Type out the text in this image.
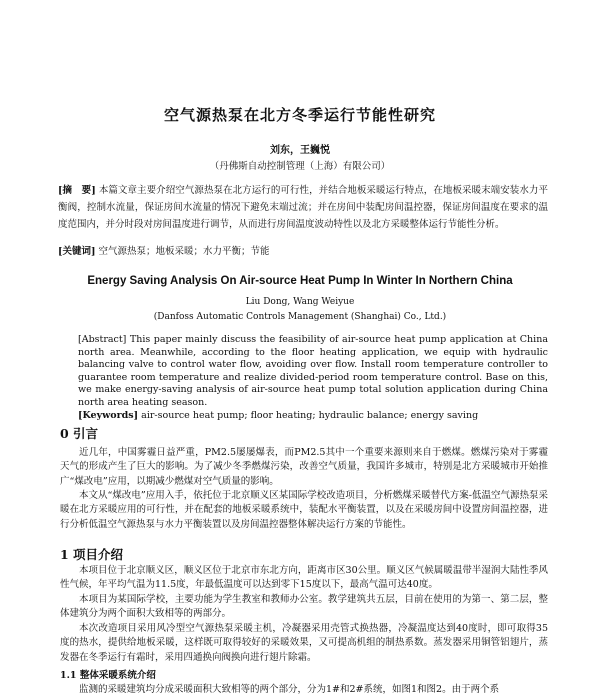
空气源热泵在北方冬季运行节能性研究
刘东，王巍悦
（丹佛斯自动控制管理（上海）有限公司）
[摘　要] 本篇文章主要介绍空气源热泵在北方运行的可行性，并结合地板采暖运行特点，在地板采暖末端安装水力平衡阀，控制水流量，保证房间水流量的情况下避免末端过流；并在房间中装配房间温控器，保证房间温度在要求的温度范围内，并分时段对房间温度进行调节，从而进行房间温度波动特性以及北方采暖整体运行节能性分析。
[关键词] 空气源热泵；地板采暖；水力平衡；节能
Energy Saving Analysis On Air-source Heat Pump In Winter In Northern China
Liu Dong, Wang Weiyue
(Danfoss Automatic Controls Management (Shanghai) Co., Ltd.)

[Abstract] This paper mainly discuss the feasibility of air-source heat pump application at China north area. Meanwhile, according to the floor heating application, we equip with hydraulic balancing valve to control water flow, avoiding over flow. Install room temperature controller to guarantee room temperature and realize divided-period room temperature control. Base on this, we make energy-saving analysis of air-source heat pump total solution application during China north area heating season.

[Keywords] air-source heat pump; floor heating; hydraulic balance; energy saving

0 引言
近几年，中国雾霾日益严重，PM2.5屡屡爆表，而PM2.5其中一个重要来源则来自于燃煤。燃煤污染对于雾霾天气的形成产生了巨大的影响。为了减少冬季燃煤污染，改善空气质量，我国许多城市，特别是北方采暖城市开始推广“煤改电”应用，以期减少燃煤对空气质量的影响。
本文从“煤改电”应用入手，依托位于北京顺义区某国际学校改造项目，分析燃煤采暖替代方案-低温空气源热泵采暖在北方采暖应用的可行性，并在配套的地板采暖系统中，装配水平衡装置，以及在采暖房间中设置房间温控器，进行分析低温空气源热泵与水力平衡装置以及房间温控器整体解决运行方案的节能性。
1 项目介绍
本项目位于北京顺义区，顺义区位于北京市东北方向，距离市区30公里。顺义区气候属暖温带半湿润大陆性季风性气候，年平均气温为11.5度，年最低温度可以达到零下15度以下，最高气温可达40度。
本项目为某国际学校，主要功能为学生教室和教师办公室。教学建筑共五层，目前在使用的为第一、第二层，整体建筑分为两个面积大致相等的两部分。
本次改造项目采用风冷型空气源热泵采暖主机，冷凝器采用壳管式换热器，冷凝温度达到40度时，即可取得35度的热水，提供给地板采暖，这样既可取得较好的采暖效果，又可提高机组的制热系数。蒸发器采用铜管铝翅片，蒸发器在冬季运行有霜时，采用四通换向阀换向进行翅片除霜。
1.1 整体采暖系统介绍
监测的采暖建筑均分成采暖面积大致相等的两个部分，分为1#和2#系统，如图1和图2。由于两个系
